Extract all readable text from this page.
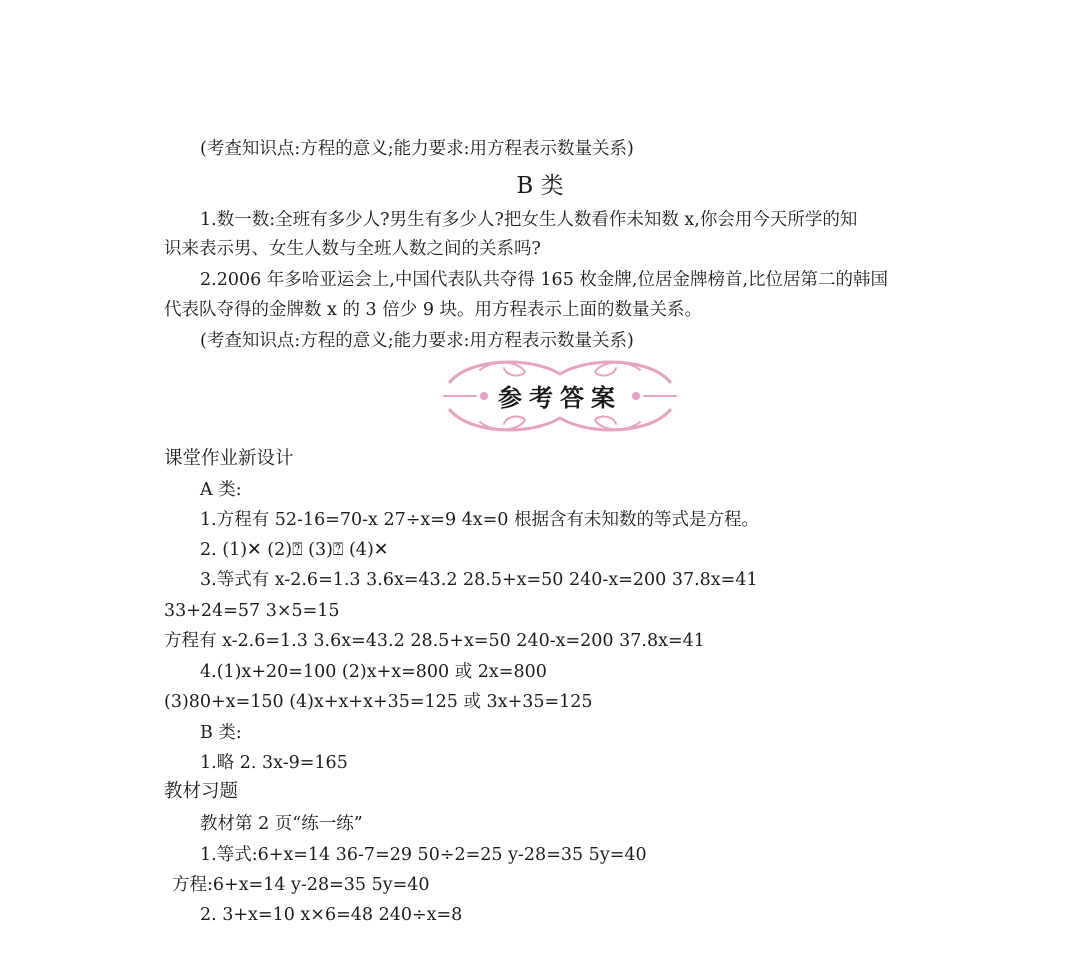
(考查知识点:方程的意义;能力要求:用方程表示数量关系)
B 类
1.数一数:全班有多少人?男生有多少人?把女生人数看作未知数 x,你会用今天所学的知
识来表示男、女生人数与全班人数之间的关系吗?
2.2006 年多哈亚运会上,中国代表队共夺得 165 枚金牌,位居金牌榜首,比位居第二的韩国
代表队夺得的金牌数 x 的 3 倍少 9 块。用方程表示上面的数量关系。
(考查知识点:方程的意义;能力要求:用方程表示数量关系)
参考答案
课堂作业新设计
A 类:
1.方程有 52-16=70-x 27÷x=9 4x=0 根据含有未知数的等式是方程。
2. (1)✕ (2)⍰ (3)⍰ (4)✕
3.等式有 x-2.6=1.3 3.6x=43.2 28.5+x=50 240-x=200 37.8x=41
33+24=57 3×5=15
方程有 x-2.6=1.3 3.6x=43.2 28.5+x=50 240-x=200 37.8x=41
4.(1)x+20=100 (2)x+x=800 或 2x=800
(3)80+x=150 (4)x+x+x+35=125 或 3x+35=125
B 类:
1.略 2. 3x-9=165
教材习题
教材第 2 页“练一练”
1.等式:6+x=14 36-7=29 50÷2=25 y-28=35 5y=40
方程:6+x=14 y-28=35 5y=40
2. 3+x=10 x×6=48 240÷x=8
